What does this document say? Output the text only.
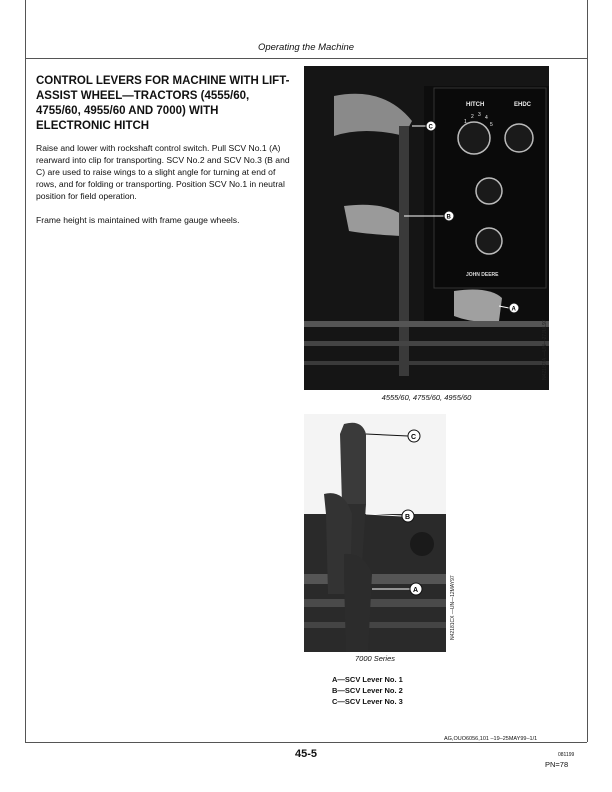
Operating the Machine
CONTROL LEVERS FOR MACHINE WITH LIFT-ASSIST WHEEL—TRACTORS (4555/60, 4755/60, 4955/60 AND 7000) WITH ELECTRONIC HITCH

Raise and lower with rockshaft control switch. Pull SCV No.1 (A) rearward into clip for transporting. SCV No.2 and SCV No.3 (B and C) are used to raise wings to a slight angle for turning at end of rows, and for folding or transporting. Position SCV No.1 in neutral position for field operation.

Frame height is maintained with frame gauge wheels.

HITCH	EHDC
1
2 3 4
5
JOHN DEERE
C
B
A
N42187IA —UN—27JUL97
4555/60, 4755/60, 4955/60
C
B
A	N42181CX —UN—12MAY97
7000 Series
A—SCV Lever No. 1
B—SCV Lever No. 2
C—SCV Lever No. 3
AG,OUO6056,101 –19–25MAY99–1/1
45-5	081199
PN=78
